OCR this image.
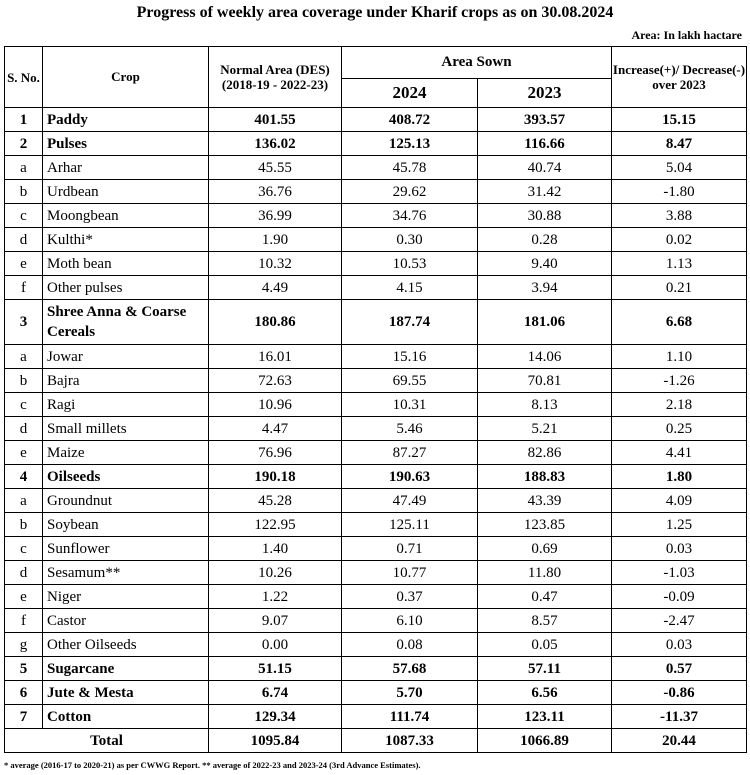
Progress of weekly area coverage under Kharif crops as on 30.08.2024
Area: In lakh hactare
S. No.	Crop	Normal Area (DES) (2018-19 - 2022-23)	Area Sown		Increase(+)/ Decrease(-) over 2023
			2024	2023	
1	Paddy	401.55	408.72	393.57	15.15
2	Pulses	136.02	125.13	116.66	8.47
a	Arhar	45.55	45.78	40.74	5.04
b	Urdbean	36.76	29.62	31.42	-1.80
c	Moongbean	36.99	34.76	30.88	3.88
d	Kulthi*	1.90	0.30	0.28	0.02
e	Moth bean	10.32	10.53	9.40	1.13
f	Other pulses	4.49	4.15	3.94	0.21
3	Shree Anna & Coarse Cereals	180.86	187.74	181.06	6.68
a	Jowar	16.01	15.16	14.06	1.10
b	Bajra	72.63	69.55	70.81	-1.26
c	Ragi	10.96	10.31	8.13	2.18
d	Small millets	4.47	5.46	5.21	0.25
e	Maize	76.96	87.27	82.86	4.41
4	Oilseeds	190.18	190.63	188.83	1.80
a	Groundnut	45.28	47.49	43.39	4.09
b	Soybean	122.95	125.11	123.85	1.25
c	Sunflower	1.40	0.71	0.69	0.03
d	Sesamum**	10.26	10.77	11.80	-1.03
e	Niger	1.22	0.37	0.47	-0.09
f	Castor	9.07	6.10	8.57	-2.47
g	Other Oilseeds	0.00	0.08	0.05	0.03
5	Sugarcane	51.15	57.68	57.11	0.57
6	Jute & Mesta	6.74	5.70	6.56	-0.86
7	Cotton	129.34	111.74	123.11	-11.37
Total		1095.84	1087.33	1066.89	20.44
* average (2016-17 to 2020-21) as per CWWG Report. ** average of 2022-23 and 2023-24 (3rd Advance Estimates).
